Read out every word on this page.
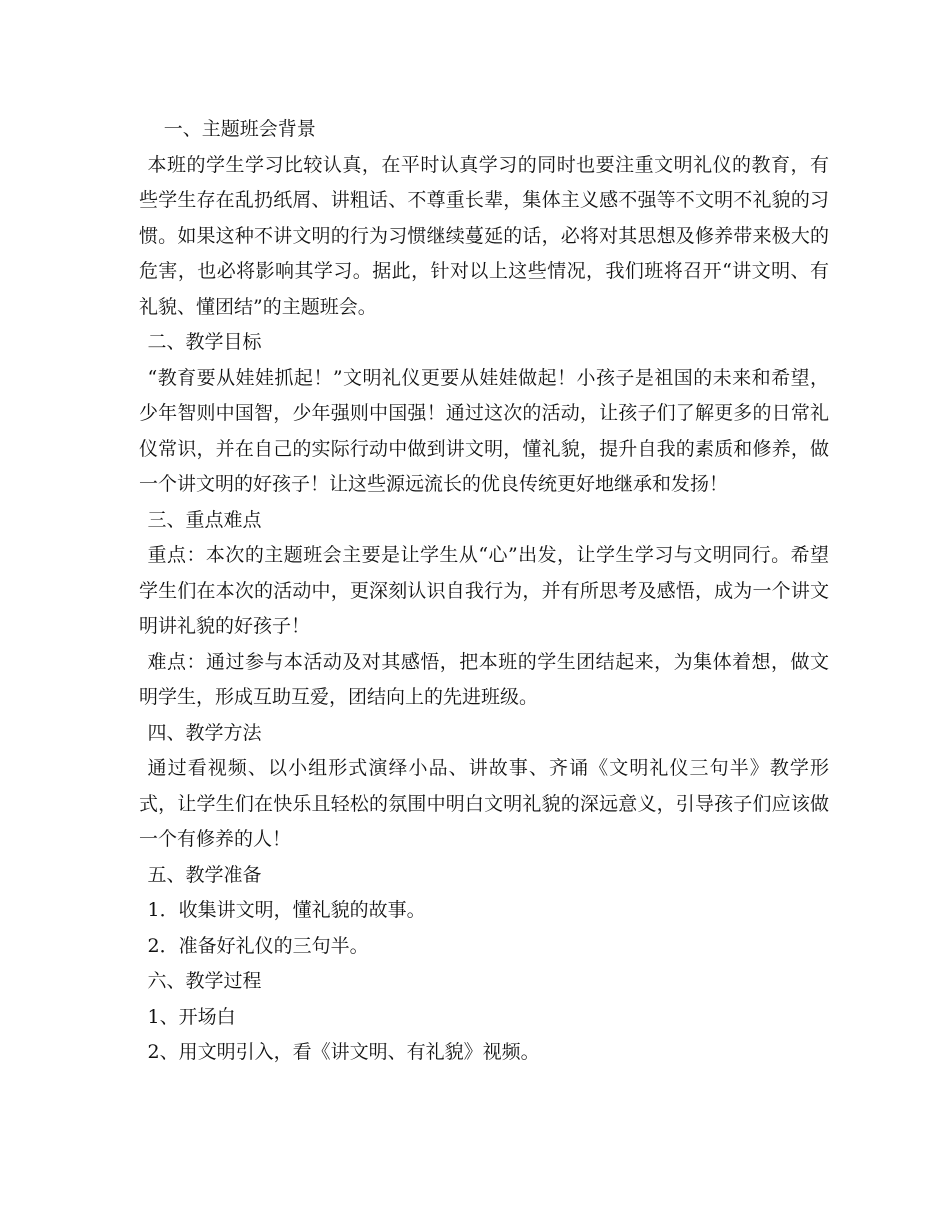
一、主题班会背景

本班的学生学习比较认真，在平时认真学习的同时也要注重文明礼仪的教育，有些学生存在乱扔纸屑、讲粗话、不尊重长辈，集体主义感不强等不文明不礼貌的习惯。如果这种不讲文明的行为习惯继续蔓延的话，必将对其思想及修养带来极大的危害，也必将影响其学习。据此，针对以上这些情况，我们班将召开“讲文明、有礼貌、懂团结”的主题班会。

二、教学目标

“教育要从娃娃抓起！”文明礼仪更要从娃娃做起！小孩子是祖国的未来和希望，少年智则中国智，少年强则中国强！通过这次的活动，让孩子们了解更多的日常礼仪常识，并在自己的实际行动中做到讲文明，懂礼貌，提升自我的素质和修养，做一个讲文明的好孩子！让这些源远流长的优良传统更好地继承和发扬！

三、重点难点

重点：本次的主题班会主要是让学生从“心”出发，让学生学习与文明同行。希望学生们在本次的活动中，更深刻认识自我行为，并有所思考及感悟，成为一个讲文明讲礼貌的好孩子！

难点：通过参与本活动及对其感悟，把本班的学生团结起来，为集体着想，做文明学生，形成互助互爱，团结向上的先进班级。

四、教学方法

通过看视频、以小组形式演绎小品、讲故事、齐诵《文明礼仪三句半》教学形式，让学生们在快乐且轻松的氛围中明白文明礼貌的深远意义，引导孩子们应该做一个有修养的人！

五、教学准备

1．收集讲文明，懂礼貌的故事。

2．准备好礼仪的三句半。

六、教学过程

1、开场白

2、用文明引入，看《讲文明、有礼貌》视频。
